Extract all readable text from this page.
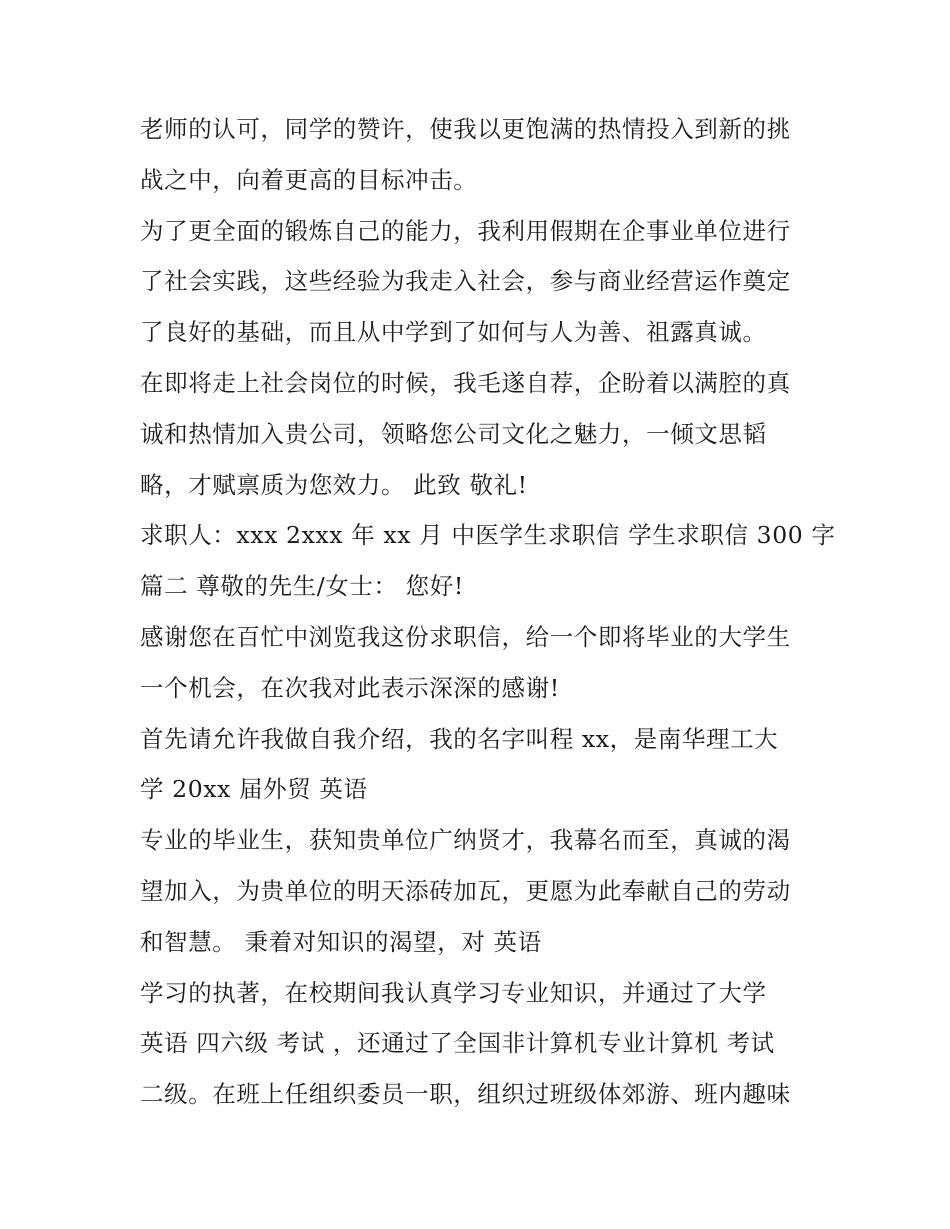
老师的认可，同学的赞许，使我以更饱满的热情投入到新的挑
战之中，向着更高的目标冲击。
为了更全面的锻炼自己的能力，我利用假期在企事业单位进行
了社会实践，这些经验为我走入社会，参与商业经营运作奠定
了良好的基础，而且从中学到了如何与人为善、祖露真诚。
在即将走上社会岗位的时候，我毛遂自荐，企盼着以满腔的真
诚和热情加入贵公司，领略您公司文化之魅力，一倾文思韬
略，才赋禀质为您效力。 此致 敬礼!
求职人：xxx 2xxx 年 xx 月 中医学生求职信 学生求职信 300 字
篇二 尊敬的先生/女士： 您好!
感谢您在百忙中浏览我这份求职信，给一个即将毕业的大学生
一个机会，在次我对此表示深深的感谢!
首先请允许我做自我介绍，我的名字叫程 xx，是南华理工大
学 20xx 届外贸 英语
专业的毕业生，获知贵单位广纳贤才，我幕名而至，真诚的渴
望加入，为贵单位的明天添砖加瓦，更愿为此奉献自己的劳动
和智慧。 秉着对知识的渴望，对 英语
学习的执著，在校期间我认真学习专业知识，并通过了大学
英语 四六级 考试 ，还通过了全国非计算机专业计算机 考试
二级。在班上任组织委员一职，组织过班级体郊游、班内趣味
